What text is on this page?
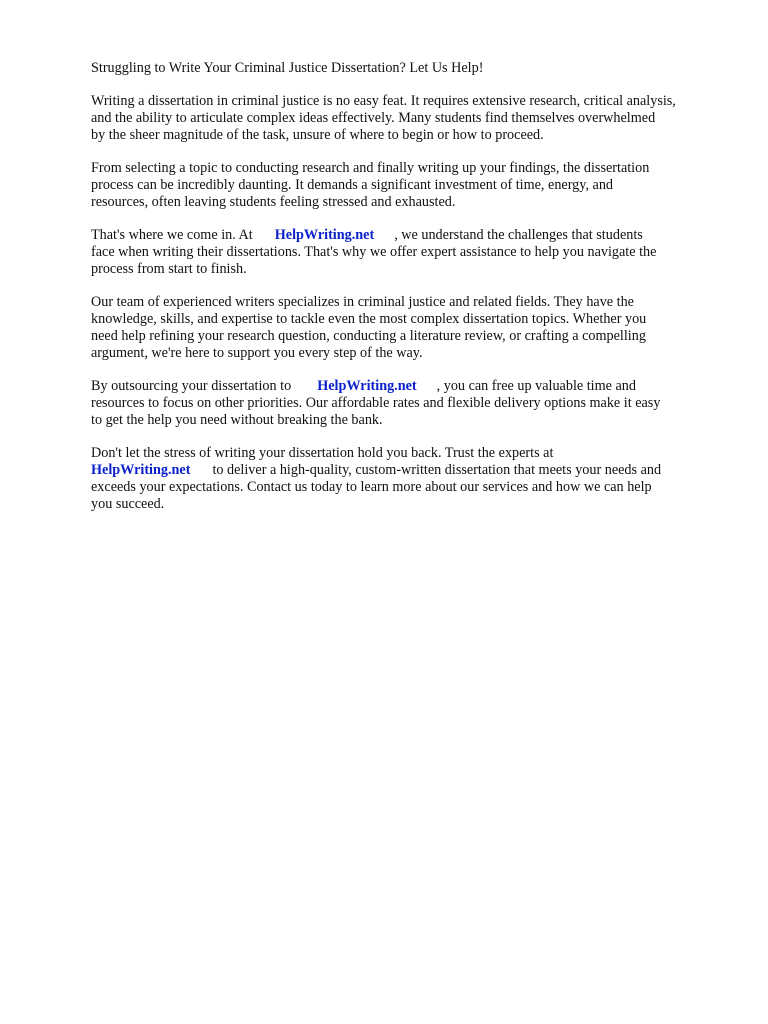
Struggling to Write Your Criminal Justice Dissertation? Let Us Help!

Writing a dissertation in criminal justice is no easy feat. It requires extensive research, critical analysis,
and the ability to articulate complex ideas effectively. Many students find themselves overwhelmed
by the sheer magnitude of the task, unsure of where to begin or how to proceed.

From selecting a topic to conducting research and finally writing up your findings, the dissertation
process can be incredibly daunting. It demands a significant investment of time, energy, and
resources, often leaving students feeling stressed and exhausted.

That's where we come in. At HelpWriting.net , we understand the challenges that students
face when writing their dissertations. That's why we offer expert assistance to help you navigate the
process from start to finish.

Our team of experienced writers specializes in criminal justice and related fields. They have the
knowledge, skills, and expertise to tackle even the most complex dissertation topics. Whether you
need help refining your research question, conducting a literature review, or crafting a compelling
argument, we're here to support you every step of the way.

By outsourcing your dissertation to HelpWriting.net , you can free up valuable time and
resources to focus on other priorities. Our affordable rates and flexible delivery options make it easy
to get the help you need without breaking the bank.

Don't let the stress of writing your dissertation hold you back. Trust the experts at
HelpWriting.net to deliver a high-quality, custom-written dissertation that meets your needs and
exceeds your expectations. Contact us today to learn more about our services and how we can help
you succeed.
